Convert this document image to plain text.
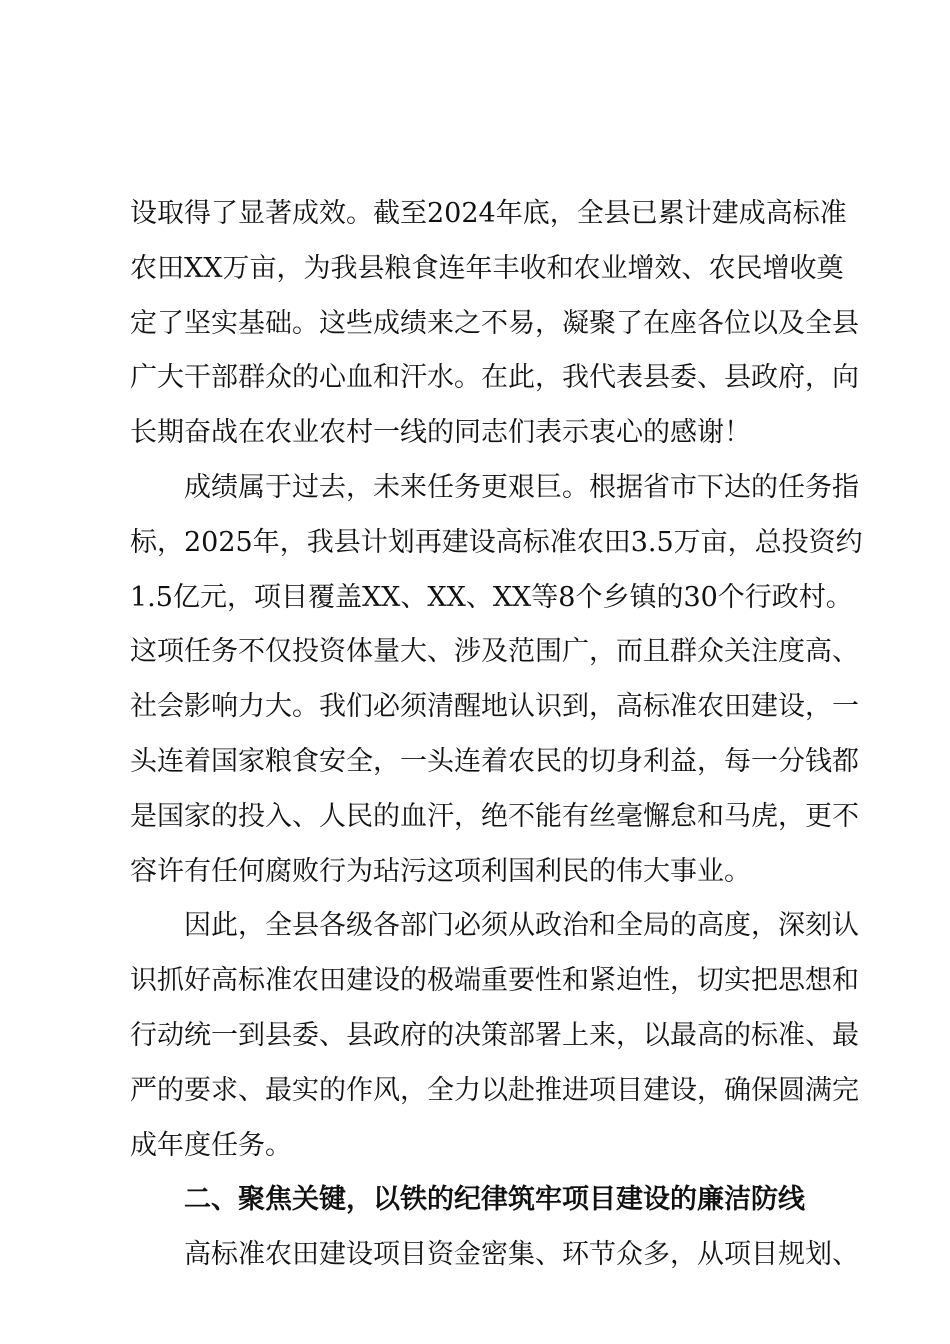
设取得了显著成效。截至2024年底，全县已累计建成高标准
农田XX万亩，为我县粮食连年丰收和农业增效、农民增收奠
定了坚实基础。这些成绩来之不易，凝聚了在座各位以及全县
广大干部群众的心血和汗水。在此，我代表县委、县政府，向
长期奋战在农业农村一线的同志们表示衷心的感谢！
成绩属于过去，未来任务更艰巨。根据省市下达的任务指
标，2025年，我县计划再建设高标准农田3.5万亩，总投资约
1.5亿元，项目覆盖XX、XX、XX等8个乡镇的30个行政村。
这项任务不仅投资体量大、涉及范围广，而且群众关注度高、
社会影响力大。我们必须清醒地认识到，高标准农田建设，一
头连着国家粮食安全，一头连着农民的切身利益，每一分钱都
是国家的投入、人民的血汗，绝不能有丝毫懈怠和马虎，更不
容许有任何腐败行为玷污这项利国利民的伟大事业。
因此，全县各级各部门必须从政治和全局的高度，深刻认
识抓好高标准农田建设的极端重要性和紧迫性，切实把思想和
行动统一到县委、县政府的决策部署上来，以最高的标准、最
严的要求、最实的作风，全力以赴推进项目建设，确保圆满完
成年度任务。
二、聚焦关键，以铁的纪律筑牢项目建设的廉洁防线
高标准农田建设项目资金密集、环节众多，从项目规划、
